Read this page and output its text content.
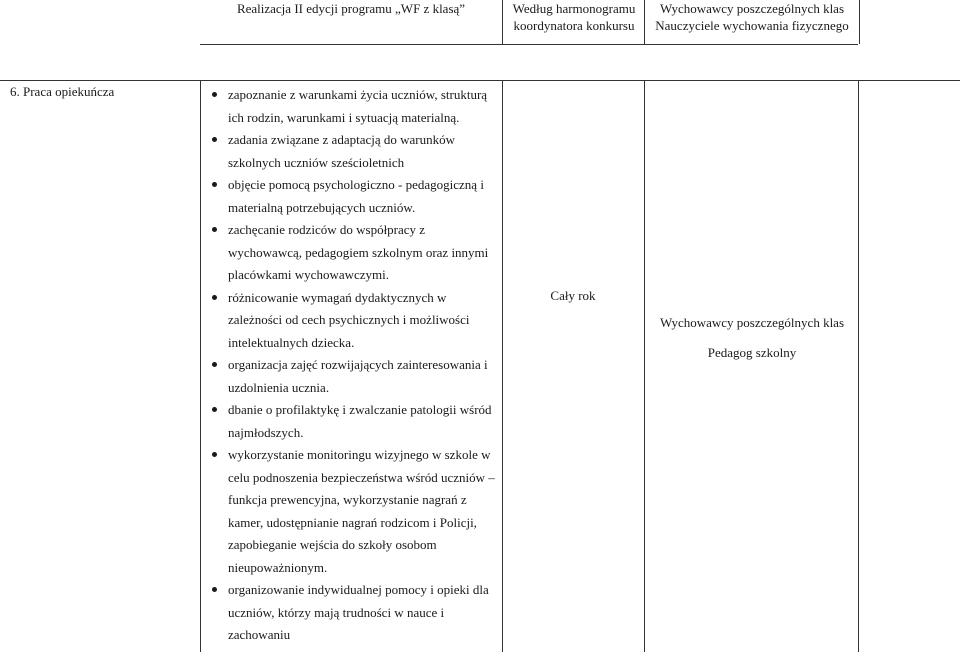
Realizacja II edycji programu „WF z klasą”	Według harmonogramu
koordynatora konkursu
Wychowawcy poszczególnych klas
Nauczyciele wychowania fizycznego
6. Praca opiekuńcza	zapoznanie z warunkami życia uczniów, strukturą ich rodzin, warunkami i sytuacją materialną.
zadania związane z adaptacją do warunków szkolnych uczniów sześcioletnich
objęcie pomocą psychologiczno - pedagogiczną i materialną potrzebujących uczniów.
zachęcanie rodziców do współpracy z wychowawcą, pedagogiem szkolnym oraz innymi placówkami wychowawczymi.
różnicowanie wymagań dydaktycznych w zależności od cech psychicznych i możliwości intelektualnych dziecka.
organizacja zajęć rozwijających zainteresowania i uzdolnienia ucznia.
dbanie o profilaktykę i zwalczanie patologii wśród najmłodszych.
wykorzystanie monitoringu wizyjnego w szkole w celu podnoszenia bezpieczeństwa wśród uczniów – funkcja prewencyjna, wykorzystanie nagrań z kamer, udostępnianie nagrań rodzicom i Policji, zapobieganie wejścia do szkoły osobom nieupoważnionym.
organizowanie indywidualnej pomocy i opieki dla uczniów, którzy mają trudności w nauce i zachowaniu
Cały rok
Wychowawcy poszczególnych klas
Pedagog szkolny
